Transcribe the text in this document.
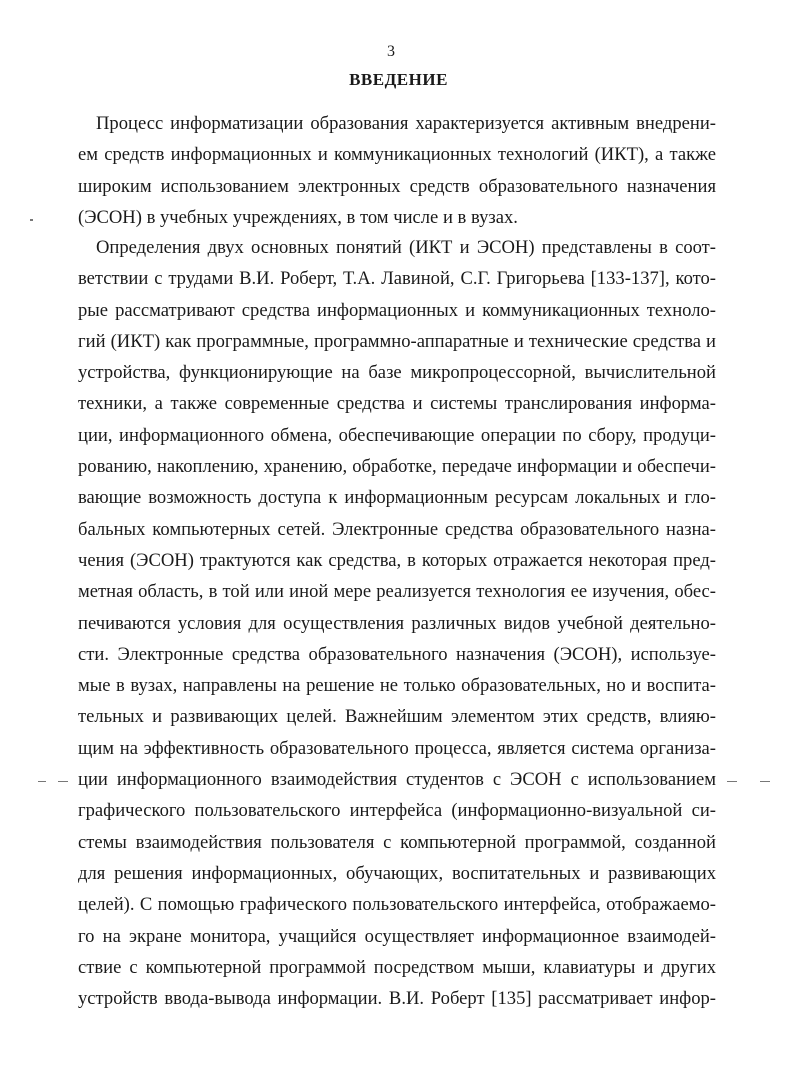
3
ВВЕДЕНИЕ
Процесс информатизации образования характеризуется активным внедрени-
ем средств информационных и коммуникационных технологий (ИКТ), а также
широким использованием электронных средств образовательного назначения
(ЭСОН) в учебных учреждениях, в том числе и в вузах.
Определения двух основных понятий (ИКТ и ЭСОН) представлены в соот-
ветствии с трудами В.И. Роберт, Т.А. Лавиной, С.Г. Григорьева [133-137], кото-
рые рассматривают средства информационных и коммуникационных техноло-
гий (ИКТ) как программные, программно-аппаратные и технические средства и
устройства, функционирующие на базе микропроцессорной, вычислительной
техники, а также современные средства и системы транслирования информа-
ции, информационного обмена, обеспечивающие операции по сбору, продуци-
рованию, накоплению, хранению, обработке, передаче информации и обеспечи-
вающие возможность доступа к информационным ресурсам локальных и гло-
бальных компьютерных сетей. Электронные средства образовательного назна-
чения (ЭСОН) трактуются как средства, в которых отражается некоторая пред-
метная область, в той или иной мере реализуется технология ее изучения, обес-
печиваются условия для осуществления различных видов учебной деятельно-
сти. Электронные средства образовательного назначения (ЭСОН), используе-
мые в вузах, направлены на решение не только образовательных, но и воспита-
тельных и развивающих целей. Важнейшим элементом этих средств, влияю-
щим на эффективность образовательного процесса, является система организа-
ции информационного взаимодействия студентов с ЭСОН с использованием
графического пользовательского интерфейса (информационно-визуальной си-
стемы взаимодействия пользователя с компьютерной программой, созданной
для решения информационных, обучающих, воспитательных и развивающих
целей). С помощью графического пользовательского интерфейса, отображаемо-
го на экране монитора, учащийся осуществляет информационное взаимодей-
ствие с компьютерной программой посредством мыши, клавиатуры и других
устройств ввода-вывода информации. В.И. Роберт [135] рассматривает инфор-
